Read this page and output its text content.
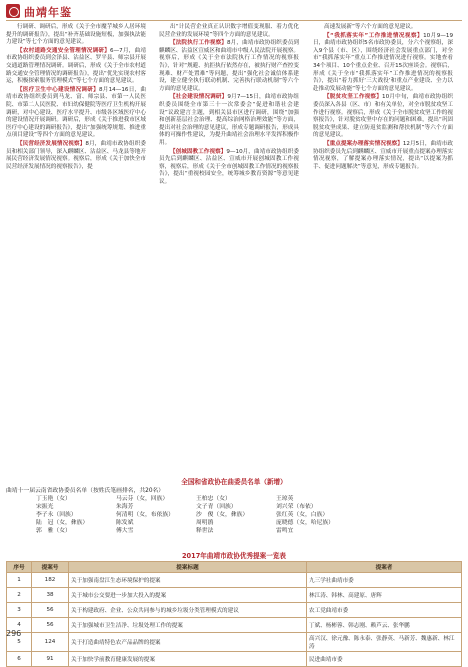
曲靖年鉴

行调研、调研后，形成《关于全市魔芋城乡人居环境提升的调研报告》，提出“补齐基础设施短板，加强执法能力建设”等七个方面的意见建议。

【农村道路交通安全管理情况调研】6—7月，曲靖市政协组织委员到会泽县、沾益区、罗平县、师宗县开展交通道路管理情况调研。调研后，形成《关于全市农村道路交通安全管理情况的调研报告》，提出“优先实现农村客运，积极探索服务管理模式”等七个方面的意见建议。

【医疗卫生中心建设情况调研】8月14—16日，曲靖市政协组织委员到马龙、富、师宗县、市第一人民医院、市第二人民医院、市妇幼保健院等医疗卫生机构开展调研，对中心建设、医疗水平提升、市级各区域医疗中心的建设情况开展调研。调研后，形成《关于推进我市区域医疗中心建设的调研报告》，提出“加强统筹规划、推进重点项目建设”等四个方面的意见建议。

【民营经济发展情况视察】8月，曲靖市政协组织委员和相关部门领导，深入麒麟区、沾益区、马龙县等地开展民营经济发展情况视察。视察后，形成《关于加快全市民营经济发展情况的视察报告》，提

出“计民营企业真正认识数字增值变现服、着力优化民营企业的发展环境”等四个方面的意见建议。

【法院执行工作视察】8月，曲靖市政协组织委员到麒麟区、沾益区宣威区和曲靖市中级人民法院开展视察。视察后，形成《关于全市法院执行工作情况的视察报告》，针对“规避、抗拒执行依然存在，被执行财产查控变现难、财产处置难”等问题，提出“强化社会诚信体系建设，建立健全执行联动机制、完善执行联动机制”等六个方面的意见建议。

【社会建设情况调研】9月7—15日，曲靖市政协组织委员围绕全市第三十一次常委会“促进和谐社会建设”议政建言主题，到相关县市区进行调研，围绕“加强和创新基层社会治理、提高综治网格治理效能”等方面，提出对社会治理的意见建议，形成专题调研报告，形成具体的可操作性建议，为提升曲靖社会治理水平发挥积极作用。

【创城固教工作视察】9—10月，曲靖市政协组织委员先后到麒麟区、沾益区、宣威市开展创城固教工作视察，视察后，形成《关于全市创城固教工作情况的视察报告》，提出“重视校园安全，统筹城乡教育资源”等意见建议。

高速发展新”等六个方面的意见建议。

【“我抓落实年”工作推进情况视察】10月9—19日，曲靖市政协组织5名市政协委员，分六个视察组，深入9个县（市、区），围绕经济社会发展重点部门，对全市“我抓落实年”重点工作推进情况进行视察。实地查看34个项目、10个重点企业、召开15次座谈会。视察后，形成《关于全市“我抓落实年”工作推进情况的视察报告》，提出“着力抓好‘三大战役’和重点产业建设、全力以赴推动发展动能”等七个方面的意见建议。

【脱贫攻坚工作视察】10月中旬，曲靖市政协组织委员深入各县（区、市）和有关单位，对全市脱贫攻坚工作进行视察。视察后，形成《关于全市脱贫攻坚工作的视察报告》，针对脱贫攻坚中存在的问题和困难，提出“巩固脱贫攻坚成果、建立防返贫监测和帮扶机制”等六个方面的意见建议。

【重点提案办理落实情况视察】12月5日，曲靖市政协组织委员先后到麒麟区、宣威市开展重点提案办理落实情况视察，了解提案办理落实情况，提出“以提案为抓手、促进问题解决”等意见，形成专题报告。

全国和省政协在曲委员名单（新增）
曲靖十一届云南省政协委员名单（按姓氏笔画排名，共20名）
丁玉艳（女）	马云芬（女，回族）	王柏忠（女）	王琼英
宋振光	朱海芳	文子青（回族）	刘兴荣（布依）
李子永（回族）	何清明（女，布依族）	沙　俊（女，彝族）	张红英（女，白族）
陆　冠（女，彝族）	陈发斌	周明鹃	庞晓德（女，哈尼族）
郭　雅（女）	傅大雪	释世法	雷鸣宜
2017年曲靖市政协优秀提案一览表
序号	提案号	提案标题	提案者
1	182	关于加强南盘江生态环境保护的提案	九三学社曲靖市委
2	38	关于城市公交要进一步加大投入的提案	林江涛、韩林、高建原、唐辉
3	56	关于构建政府、企业、公众共同参与的城乡垃圾分类管理模式的建议	农工党曲靖市委
4	56	关于加强城市卫生洁净、垃圾处理工作的提案	丁斌、杨彬蓉、韩志刚、赖芦云、张华鹏
5	124	关于打造曲靖特色农产品品牌的提案	高兴汉、徐元豫、陈永泰、张静英、马新芳、魏惠新、林江涛
6	91	关于加快学前教育健康发展的提案	民进曲靖市委
296
